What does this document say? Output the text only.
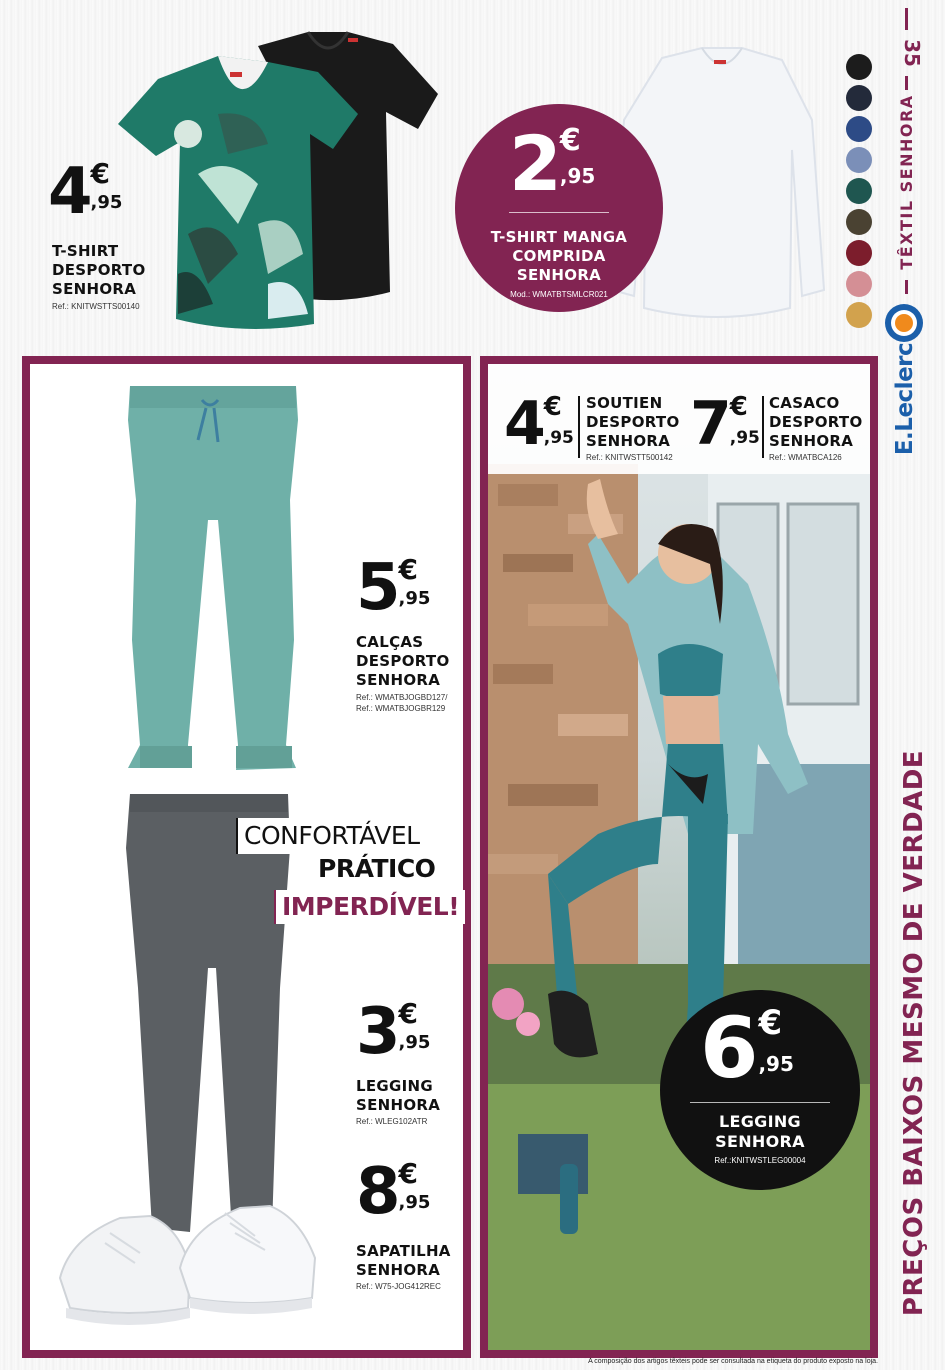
35
TÊXTIL SENHORA
E.Leclerc
PREÇOS BAIXOS MESMO DE VERDADE
4 €
,95
T-SHIRT
DESPORTO
SENHORA
Ref.: KNITWSTTS00140
2 €
,95
T-SHIRT MANGA
COMPRIDA
SENHORA
Mod.: WMATBTSMLCR021
5 €
,95
CALÇAS
DESPORTO
SENHORA
Ref.: WMATBJOGBD127/
Ref.: WMATBJOGBR129
CONFORTÁVEL
PRÁTICO
IMPERDÍVEL!
3 €
,95
LEGGING
SENHORA
Ref.: WLEG102ATR
8 €
,95
SAPATILHA
SENHORA
Ref.: W75-JOG412REC
4 €
,95
SOUTIEN
DESPORTO
SENHORA
Ref.: KNITWSTT500142 7 €
,95
CASACO
DESPORTO
SENHORA
Ref.: WMATBCA126
6 €
,95
LEGGING
SENHORA
Ref.:KNITWSTLEG00004
A composição dos artigos têxteis pode ser consultada na etiqueta do produto exposto na loja.
